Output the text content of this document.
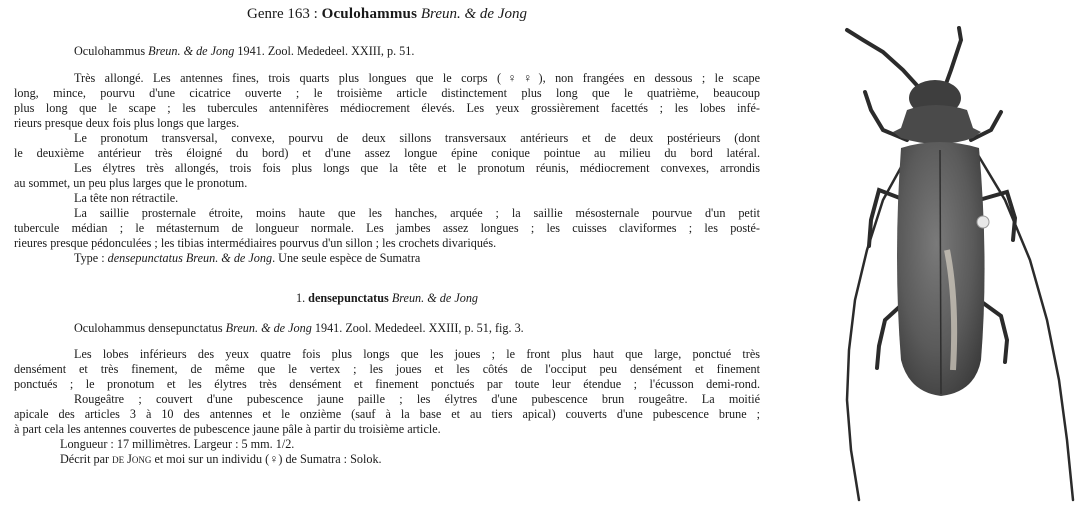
Genre 163 : Oculohammus Breun. & de Jong
Oculohammus Breun. & de Jong 1941. Zool. Mededeel. XXIII, p. 51.
Très allongé. Les antennes fines, trois quarts plus longues que le corps (♀♀), non frangées en dessous ; le scape
long, mince, pourvu d'une cicatrice ouverte ; le troisième article distinctement plus long que le quatrième, beaucoup
plus long que le scape ; les tubercules antennifères médiocrement élevés. Les yeux grossièrement facettés ; les lobes infé-
rieurs presque deux fois plus longs que larges.
Le pronotum transversal, convexe, pourvu de deux sillons transversaux antérieurs et de deux postérieurs (dont
le deuxième antérieur très éloigné du bord) et d'une assez longue épine conique pointue au milieu du bord latéral.
Les élytres très allongés, trois fois plus longs que la tête et le pronotum réunis, médiocrement convexes, arrondis
au sommet, un peu plus larges que le pronotum.
La tête non rétractile.
La saillie prosternale étroite, moins haute que les hanches, arquée ; la saillie mésosternale pourvue d'un petit
tubercule médian ; le métasternum de longueur normale. Les jambes assez longues ; les cuisses claviformes ; les posté-
rieures presque pédonculées ; les tibias intermédiaires pourvus d'un sillon ; les crochets divariqués.
Type : densepunctatus Breun. & de Jong. Une seule espèce de Sumatra
1. densepunctatus Breun. & de Jong
Oculohammus densepunctatus Breun. & de Jong 1941. Zool. Mededeel. XXIII, p. 51, fig. 3.
Les lobes inférieurs des yeux quatre fois plus longs que les joues ; le front plus haut que large, ponctué très
densément et très finement, de même que le vertex ; les joues et les côtés de l'occiput peu densément et finement
ponctués ; le pronotum et les élytres très densément et finement ponctués par toute leur étendue ; l'écusson demi-rond.
Rougeâtre ; couvert d'une pubescence jaune paille ; les élytres d'une pubescence brun rougeâtre. La moitié
apicale des articles 3 à 10 des antennes et le onzième (sauf à la base et au tiers apical) couverts d'une pubescence brune ;
à part cela les antennes couvertes de pubescence jaune pâle à partir du troisième article.
Longueur : 17 millimètres. Largeur : 5 mm. 1/2.
Décrit par de Jong et moi sur un individu (♀) de Sumatra : Solok.
